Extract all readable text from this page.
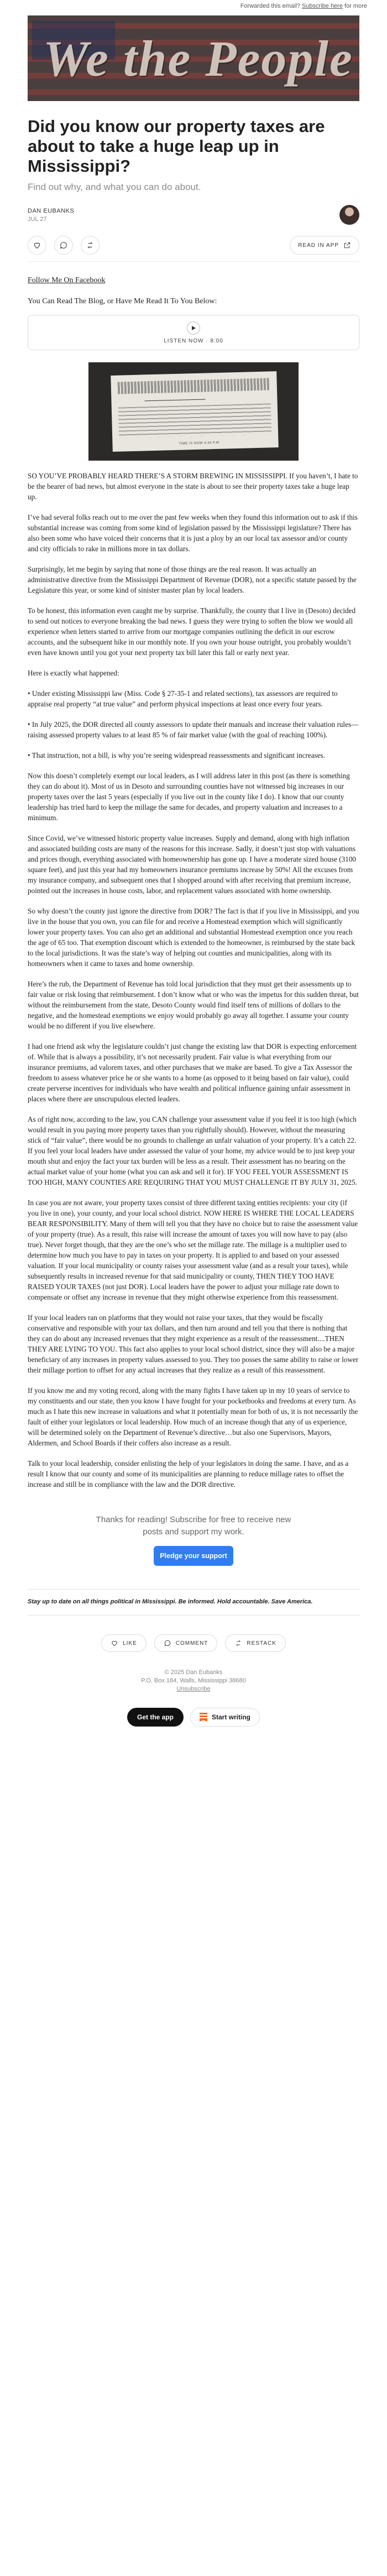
Forwarded this email? Subscribe here for more
We the People
Did you know our property taxes are about to take a huge leap up in Mississippi?
Find out why, and what you can do about.
DAN EUBANKS
JUL 27
READ IN APP
Follow Me On Facebook
You Can Read The Blog, or Have Me Read It To You Below:
LISTEN NOW · 8:00
TIME IS NOW 4:44 P.M.

SO YOU’VE PROBABLY HEARD THERE’S A STORM BREWING IN MISSISSIPPI. If you haven’t, I hate to be the bearer of bad news, but almost everyone in the state is about to see their property taxes take a huge leap up.

I’ve had several folks reach out to me over the past few weeks when they found this information out to ask if this substantial increase was coming from some kind of legislation passed by the Mississippi legislature? There has also been some who have voiced their concerns that it is just a ploy by an our local tax assessor and/or county and city officials to rake in millions more in tax dollars.

Surprisingly, let me begin by saying that none of those things are the real reason. It was actually an administrative directive from the Mississippi Department of Revenue (DOR), not a specific statute passed by the Legislature this year, or some kind of sinister master plan by local leaders.

To be honest, this information even caught me by surprise. Thankfully, the county that I live in (Desoto) decided to send out notices to everyone breaking the bad news. I guess they were trying to soften the blow we would all experience when letters started to arrive from our mortgage companies outlining the deficit in our escrow accounts, and the subsequent hike in our monthly note. If you own your house outright, you probably wouldn’t even have known until you got your next property tax bill later this fall or early next year.

Here is exactly what happened:

• Under existing Mississippi law (Miss. Code § 27-35-1 and related sections), tax assessors are required to appraise real property “at true value” and perform physical inspections at least once every four years.

• In July 2025, the DOR directed all county assessors to update their manuals and increase their valuation rules—raising assessed property values to at least 85 % of fair market value (with the goal of reaching 100%).

• That instruction, not a bill, is why you’re seeing widespread reassessments and significant increases.

Now this doesn’t completely exempt our local leaders, as I will address later in this post (as there is something they can do about it). Most of us in Desoto and surrounding counties have not witnessed big increases in our property taxes over the last 5 years (especially if you live out in the county like I do). I know that our county leadership has tried hard to keep the millage the same for decades, and property valuation and increases to a minimum.

Since Covid, we’ve witnessed historic property value increases. Supply and demand, along with high inflation and associated building costs are many of the reasons for this increase. Sadly, it doesn’t just stop with valuations and prices though, everything associated with homeownership has gone up. I have a moderate sized house (3100 square feet), and just this year had my homeowners insurance premiums increase by 50%! All the excuses from my insurance company, and subsequent ones that I shopped around with after receiving that premium increase, pointed out the increases in house costs, labor, and replacement values associated with home ownership.

So why doesn’t the county just ignore the directive from DOR? The fact is that if you live in Mississippi, and you live in the house that you own, you can file for and receive a Homestead exemption which will significantly lower your property taxes. You can also get an additional and substantial Homestead exemption once you reach the age of 65 too. That exemption discount which is extended to the homeowner, is reimbursed by the state back to the local jurisdictions. It was the state’s way of helping out counties and municipalities, along with its homeowners when it came to taxes and home ownership.

Here’s the rub, the Department of Revenue has told local jurisdiction that they must get their assessments up to fair value or risk losing that reimbursement. I don’t know what or who was the impetus for this sudden threat, but without the reimbursement from the state, Desoto County would find itself tens of millions of dollars to the negative, and the homestead exemptions we enjoy would probably go away all together. I assume your county would be no different if you live elsewhere.

I had one friend ask why the legislature couldn’t just change the existing law that DOR is expecting enforcement of. While that is always a possibility, it’s not necessarily prudent. Fair value is what everything from our insurance premiums, ad valorem taxes, and other purchases that we make are based. To give a Tax Assessor the freedom to assess whatever price he or she wants to a home (as opposed to it being based on fair value), could create perverse incentives for individuals who have wealth and political influence gaining unfair assessment in places where there are unscrupulous elected leaders.

As of right now, according to the law, you CAN challenge your assessment value if you feel it is too high (which would result in you paying more property taxes than you rightfully should). However, without the measuring stick of “fair value”, there would be no grounds to challenge an unfair valuation of your property. It’s a catch 22. If you feel your local leaders have under assessed the value of your home, my advice would be to just keep your mouth shut and enjoy the fact your tax burden will be less as a result. Their assessment has no bearing on the actual market value of your home (what you can ask and sell it for). IF YOU FEEL YOUR ASSESSMENT IS TOO HIGH, MANY COUNTIES ARE REQUIRING THAT YOU MUST CHALLENGE IT BY JULY 31, 2025.

In case you are not aware, your property taxes consist of three different taxing entities recipients: your city (if you live in one), your county, and your local school district. NOW HERE IS WHERE THE LOCAL LEADERS BEAR RESPONSIBILITY. Many of them will tell you that they have no choice but to raise the assessment value of your property (true). As a result, this raise will increase the amount of taxes you will now have to pay (also true). Never forget though, that they are the one’s who set the millage rate. The millage is a multiplier used to determine how much you have to pay in taxes on your property. It is applied to and based on your assessed valuation. If your local municipality or county raises your assessment value (and as a result your taxes), while subsequently results in increased revenue for that said municipality or county, THEN THEY TOO HAVE RAISED YOUR TAXES (not just DOR). Local leaders have the power to adjust your millage rate down to compensate or offset any increase in revenue that they might otherwise experience from this reassessment.

If your local leaders ran on platforms that they would not raise your taxes, that they would be fiscally conservative and responsible with your tax dollars, and then turn around and tell you that there is nothing that they can do about any increased revenues that they might experience as a result of the reassessment....THEN THEY ARE LYING TO YOU. This fact also applies to your local school district, since they will also be a major beneficiary of any increases in property values assessed to you. They too posses the same ability to raise or lower their millage portion to offset for any actual increases that they realize as a result of this reassessment.

If you know me and my voting record, along with the many fights I have taken up in my 10 years of service to my constituents and our state, then you know I have fought for your pocketbooks and freedoms at every turn. As much as I hate this new increase in valuations and what it potentially mean for both of us, it is not necessarily the fault of either your legislators or local leadership. How much of an increase though that any of us experience, will be determined solely on the Department of Revenue’s directive…but also one Supervisors, Mayors, Aldermen, and School Boards if their coffers also increase as a result.

Talk to your local leadership, consider enlisting the help of your legislators in doing the same. I have, and as a result I know that our county and some of its municipalities are planning to reduce millage rates to offset the increase and still be in compliance with the law and the DOR directive.

Thanks for reading! Subscribe for free to receive new
posts and support my work.
Pledge your support
Stay up to date on all things political in Mississippi. Be informed. Hold accountable. Save America.
LIKE	COMMENT	RESTACK
© 2025 Dan Eubanks
P.O. Box 184, Walls, Mississippi 38680
Unsubscribe
Get the app	Start writing
